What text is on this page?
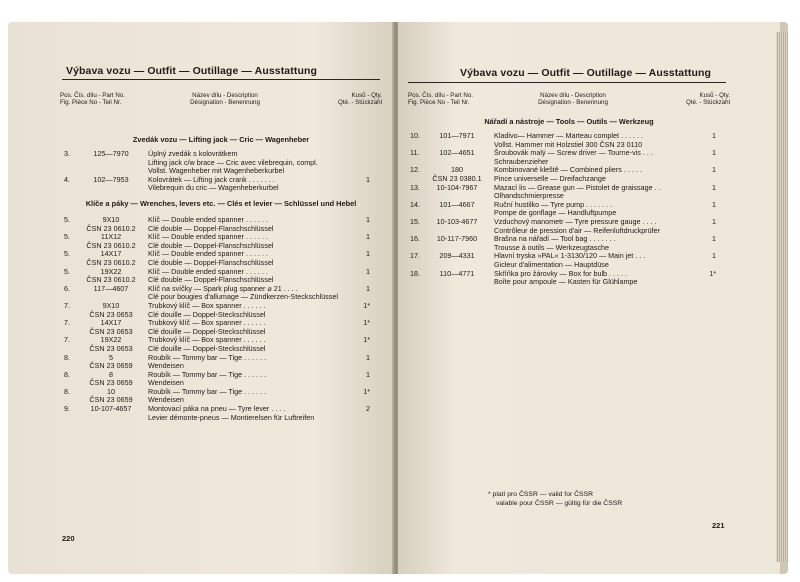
Výbava vozu — Outfit — Outillage — Ausstattung
Pos. Čís. dílu - Part No.
Fig. Pièce No - Teil Nr.
Název dílu - Description
Désignation - Benennung
Kusů - Qty.
Qté. - Stückzahl
Zvedák vozu — Lifting jack — Cric — Wagenheber
3.	125—7970	Úplný zvedák s kolovrátkem
Lifting jack c/w brace — Cric avec vilebrequin, compl.
Vollst. Wagenheber mit Wagenheberkurbel
4.	102—7953	Kolovrátek — Lifting jack crank . . . . . . .	1
Vilebrequin du cric — Wagenheberkurbel
Klíče a páky — Wrenches, levers etc. — Clés et levier — Schlüssel und Hebel
5.	9X10	Klíč — Double ended spanner . . . . . .	1
ČSN 23 0610.2	Clé double — Doppel-Flanschschlüssel
5.	11X12	Klíč — Double ended spanner . . . . . .	1
ČSN 23 0610.2	Clé double — Doppel-Flanschschlüssel
5.	14X17	Klíč — Double ended spanner . . . . . .	1
ČSN 23 0610.2	Clé double — Doppel-Flanschschlüssel
5.	19X22	Klíč — Double ended spanner . . . . . .	1
ČSN 23 0610.2	Clé double — Doppel-Flanschschlüssel
6.	117—4607	Klíč na svíčky — Spark plug spanner ⌀ 21 . . . .	1
Clé pour bougies d'allumage — Zündkerzen-Steckschlüssel
7.	9X10	Trubkový klíč — Box spanner . . . . . .	1*
ČSN 23 0653	Clé douille — Doppel-Steckschlüssel
7.	14X17	Trubkový klíč — Box spanner . . . . . .	1*
ČSN 23 0653	Clé douille — Doppel-Steckschlüssel
7.	19X22	Trubkový klíč — Box spanner . . . . . .	1*
ČSN 23 0653	Clé douille — Doppel-Steckschlüssel
8.	5	Roubík — Tommy bar — Tige . . . . . .	1
ČSN 23 0659	Wendeisen
8.	8	Roubík — Tommy bar — Tige . . . . . .	1
ČSN 23 0659	Wendeisen
8.	10	Roubík — Tommy bar — Tige . . . . . .	1*
ČSN 23 0659	Wendeisen
9.	10-107-4657	Montovací páka na pneu — Tyre lever . . . .	2
Levier démonte-pneus — Montierelsen für Luftreifen
220
Výbava vozu — Outfit — Outillage — Ausstattung
Pos. Čís. dílu - Part No.
Fig. Pièce No - Teil Nr.
Název dílu - Description
Désignation - Benennung
Kusů - Qty.
Qté. - Stückzahl
Nářadí a nástroje — Tools — Outils — Werkzeug
10.	101—7971	Kladivo— Hammer — Marteau complet . . . . . .	1
Vollst. Hammer mit Holzstiel 300 ČSN 23 0110
11.	102—4651	Šroubovák malý — Screw driver — Tourne-vis . . .	1
Schraubenzieher
12.	180	Kombinované kleště — Combined pliers . . . . .	1
ČSN 23 0380.1	Pince universelle — Dreifachzange
13.	10-104-7967	Mazací lis — Grease gun — Pistolet de graissage . .	1
Olhandschmierpresse
14.	101—4667	Ruční hustilko — Tyre pump . . . . . . .	1
Pompe de gonflage — Handluftpumpe
15.	10-103-4677	Vzduchový manometr — Tyre pressure gauge . . . .	1
Contrôleur de pression d'air — Reifenluftdruckprüfer
16.	10-117-7960	Brašna na nářadí — Tool bag . . . . . . .	1
Trousse à outils — Werkzeugtasche
17.	209—4331	Hlavní tryska »PAL« 1-3130/120 — Main jet . . .	1
Gicleur d'alimentation — Hauptdüse
18.	110—4771	Skříňka pro žárovky — Box for bulb . . . . .	1*
Boîte pour ampoule — Kasten für Glühlampe
* platí pro ČSSR — valid for ČSSR
valable pour ČSSR — gültig für die ČSSR
221
